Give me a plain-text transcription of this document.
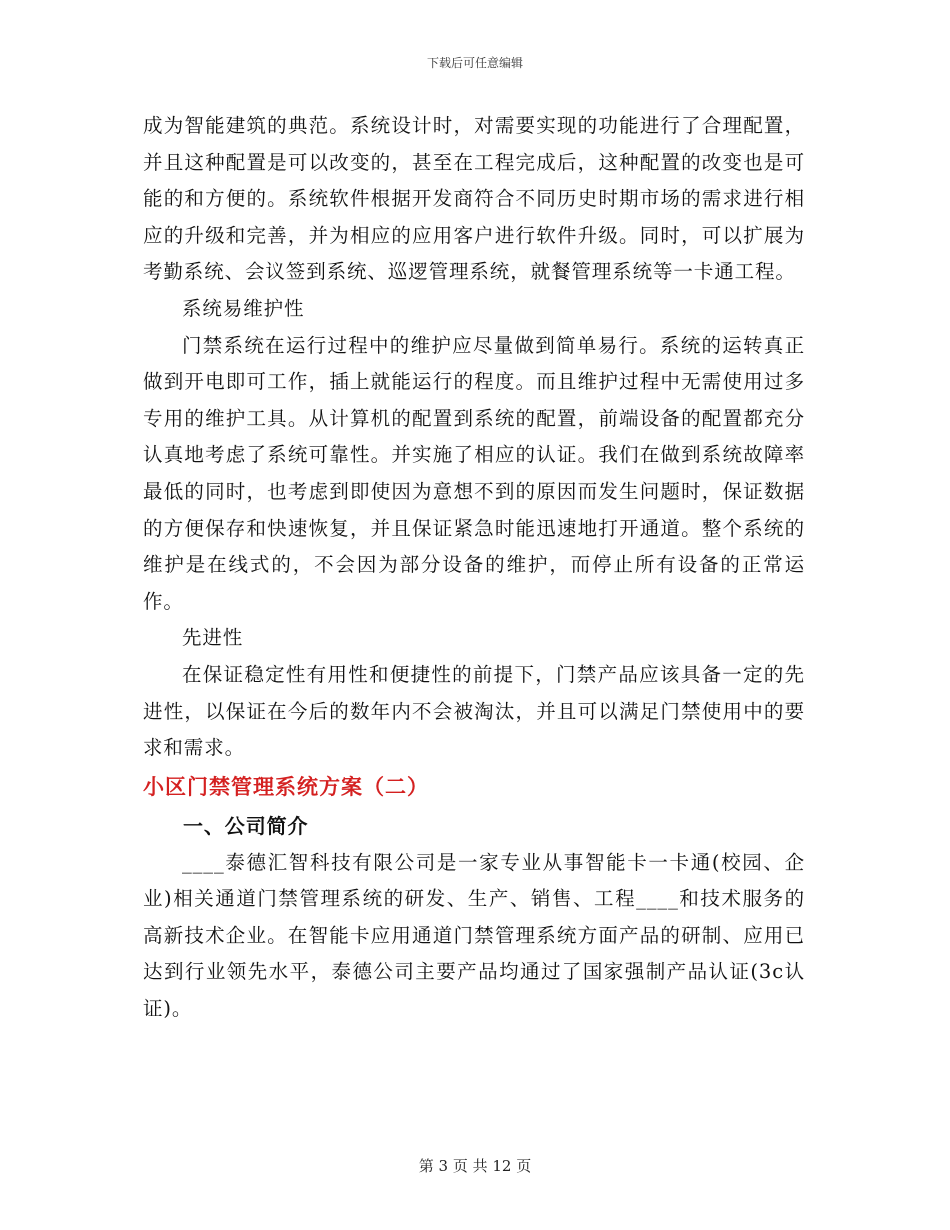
下载后可任意编辑

成为智能建筑的典范。系统设计时，对需要实现的功能进行了合理配置，并且这种配置是可以改变的，甚至在工程完成后，这种配置的改变也是可能的和方便的。系统软件根据开发商符合不同历史时期市场的需求进行相应的升级和完善，并为相应的应用客户进行软件升级。同时，可以扩展为考勤系统、会议签到系统、巡逻管理系统，就餐管理系统等一卡通工程。

系统易维护性

门禁系统在运行过程中的维护应尽量做到简单易行。系统的运转真正做到开电即可工作，插上就能运行的程度。而且维护过程中无需使用过多专用的维护工具。从计算机的配置到系统的配置，前端设备的配置都充分认真地考虑了系统可靠性。并实施了相应的认证。我们在做到系统故障率最低的同时，也考虑到即使因为意想不到的原因而发生问题时，保证数据的方便保存和快速恢复，并且保证紧急时能迅速地打开通道。整个系统的维护是在线式的，不会因为部分设备的维护，而停止所有设备的正常运作。

先进性

在保证稳定性有用性和便捷性的前提下，门禁产品应该具备一定的先进性，以保证在今后的数年内不会被淘汰，并且可以满足门禁使用中的要求和需求。

小区门禁管理系统方案（二）

一、公司简介

____泰德汇智科技有限公司是一家专业从事智能卡一卡通(校园、企业)相关通道门禁管理系统的研发、生产、销售、工程____和技术服务的高新技术企业。在智能卡应用通道门禁管理系统方面产品的研制、应用已达到行业领先水平，泰德公司主要产品均通过了国家强制产品认证(3c认证)。

第 3 页 共 12 页
